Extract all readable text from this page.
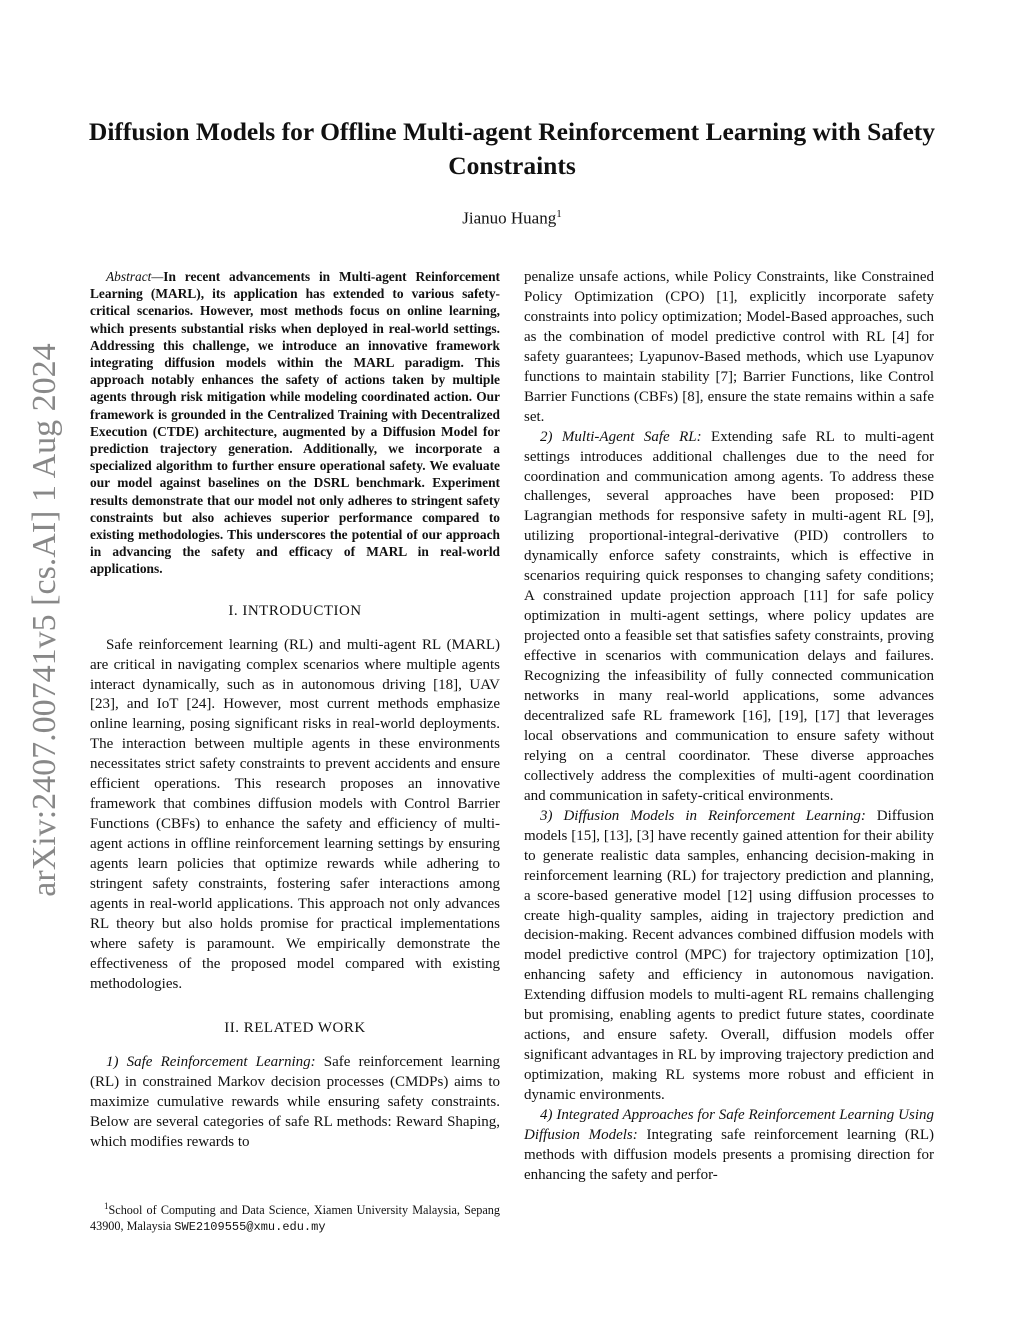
Diffusion Models for Offline Multi-agent Reinforcement Learning with Safety Constraints
Jianuo Huang$^1$
arXiv:2407.00741v5 [cs.AI] 1 Aug 2024

Abstract—In recent advancements in Multi-agent Reinforcement Learning (MARL), its application has extended to various safety-critical scenarios. However, most methods focus on online learning, which presents substantial risks when deployed in real-world settings. Addressing this challenge, we introduce an innovative framework integrating diffusion models within the MARL paradigm. This approach notably enhances the safety of actions taken by multiple agents through risk mitigation while modeling coordinated action. Our framework is grounded in the Centralized Training with Decentralized Execution (CTDE) architecture, augmented by a Diffusion Model for prediction trajectory generation. Additionally, we incorporate a specialized algorithm to further ensure operational safety. We evaluate our model against baselines on the DSRL benchmark. Experiment results demonstrate that our model not only adheres to stringent safety constraints but also achieves superior performance compared to existing methodologies. This underscores the potential of our approach in advancing the safety and efficacy of MARL in real-world applications.

I. INTRODUCTION

Safe reinforcement learning (RL) and multi-agent RL (MARL) are critical in navigating complex scenarios where multiple agents interact dynamically, such as in autonomous driving [18], UAV [23], and IoT [24]. However, most current methods emphasize online learning, posing significant risks in real-world deployments. The interaction between multiple agents in these environments necessitates strict safety constraints to prevent accidents and ensure efficient operations. This research proposes an innovative framework that combines diffusion models with Control Barrier Functions (CBFs) to enhance the safety and efficiency of multi-agent actions in offline reinforcement learning settings by ensuring agents learn policies that optimize rewards while adhering to stringent safety constraints, fostering safer interactions among agents in real-world applications. This approach not only advances RL theory but also holds promise for practical implementations where safety is paramount. We empirically demonstrate the effectiveness of the proposed model compared with existing methodologies.

II. RELATED WORK

1) Safe Reinforcement Learning: Safe reinforcement learning (RL) in constrained Markov decision processes (CMDPs) aims to maximize cumulative rewards while ensuring safety constraints. Below are several categories of safe RL methods: Reward Shaping, which modifies rewards to

$^1$School of Computing and Data Science, Xiamen University Malaysia, Sepang 43900, Malaysia SWE2109555@xmu.edu.my

penalize unsafe actions, while Policy Constraints, like Constrained Policy Optimization (CPO) [1], explicitly incorporate safety constraints into policy optimization; Model-Based approaches, such as the combination of model predictive control with RL [4] for safety guarantees; Lyapunov-Based methods, which use Lyapunov functions to maintain stability [7]; Barrier Functions, like Control Barrier Functions (CBFs) [8], ensure the state remains within a safe set.

2) Multi-Agent Safe RL: Extending safe RL to multi-agent settings introduces additional challenges due to the need for coordination and communication among agents. To address these challenges, several approaches have been proposed: PID Lagrangian methods for responsive safety in multi-agent RL [9], utilizing proportional-integral-derivative (PID) controllers to dynamically enforce safety constraints, which is effective in scenarios requiring quick responses to changing safety conditions; A constrained update projection approach [11] for safe policy optimization in multi-agent settings, where policy updates are projected onto a feasible set that satisfies safety constraints, proving effective in scenarios with communication delays and failures. Recognizing the infeasibility of fully connected communication networks in many real-world applications, some advances decentralized safe RL framework [16], [19], [17] that leverages local observations and communication to ensure safety without relying on a central coordinator. These diverse approaches collectively address the complexities of multi-agent coordination and communication in safety-critical environments.

3) Diffusion Models in Reinforcement Learning: Diffusion models [15], [13], [3] have recently gained attention for their ability to generate realistic data samples, enhancing decision-making in reinforcement learning (RL) for trajectory prediction and planning, a score-based generative model [12] using diffusion processes to create high-quality samples, aiding in trajectory prediction and decision-making. Recent advances combined diffusion models with model predictive control (MPC) for trajectory optimization [10], enhancing safety and efficiency in autonomous navigation. Extending diffusion models to multi-agent RL remains challenging but promising, enabling agents to predict future states, coordinate actions, and ensure safety. Overall, diffusion models offer significant advantages in RL by improving trajectory prediction and optimization, making RL systems more robust and efficient in dynamic environments.

4) Integrated Approaches for Safe Reinforcement Learning Using Diffusion Models: Integrating safe reinforcement learning (RL) methods with diffusion models presents a promising direction for enhancing the safety and perfor-
